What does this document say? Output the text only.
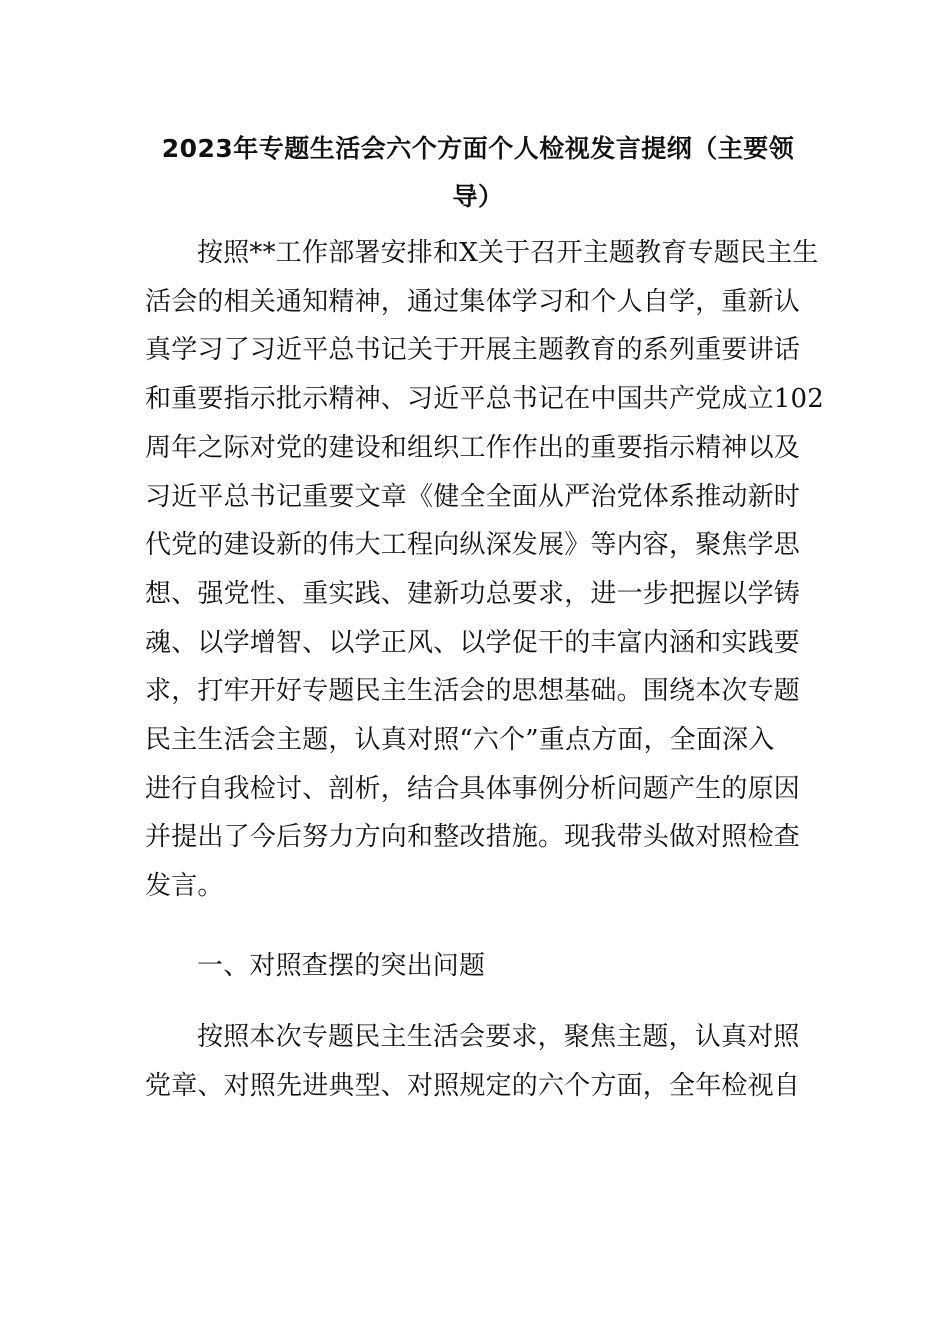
2023年专题生活会六个方面个人检视发言提纲（主要领
导）
按照**工作部署安排和X关于召开主题教育专题民主生
活会的相关通知精神，通过集体学习和个人自学，重新认
真学习了习近平总书记关于开展主题教育的系列重要讲话
和重要指示批示精神、习近平总书记在中国共产党成立102
周年之际对党的建设和组织工作作出的重要指示精神以及
习近平总书记重要文章《健全全面从严治党体系推动新时
代党的建设新的伟大工程向纵深发展》等内容，聚焦学思
想、强党性、重实践、建新功总要求，进一步把握以学铸
魂、以学增智、以学正风、以学促干的丰富内涵和实践要
求，打牢开好专题民主生活会的思想基础。围绕本次专题
民主生活会主题，认真对照“六个”重点方面，全面深入
进行自我检讨、剖析，结合具体事例分析问题产生的原因
并提出了今后努力方向和整改措施。现我带头做对照检查
发言。
一、对照查摆的突出问题
按照本次专题民主生活会要求，聚焦主题，认真对照
党章、对照先进典型、对照规定的六个方面，全年检视自
